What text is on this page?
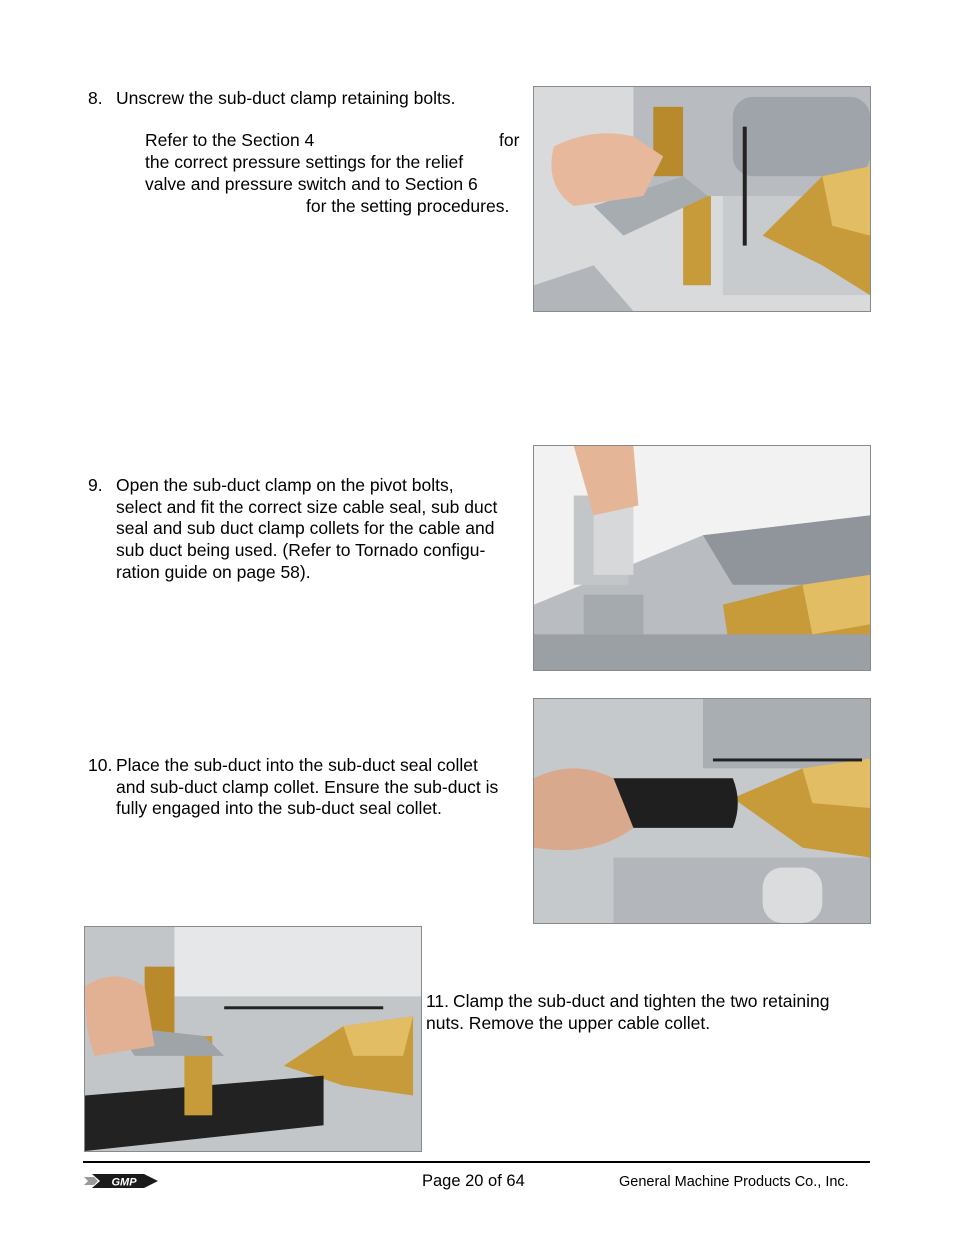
8. Unscrew the sub-duct clamp retaining bolts.
Refer to the Section 4	for
the correct pressure settings for the relief
valve and pressure switch and to Section 6
for the setting procedures.
9. Open the sub-duct clamp on the pivot bolts,
select and fit the correct size cable seal, sub duct
seal and sub duct clamp collets for the cable and
sub duct being used. (Refer to Tornado configu-
ration guide on page 58).
10. Place the sub-duct into the sub-duct seal collet
and sub-duct clamp collet. Ensure the sub-duct is
fully engaged into the sub-duct seal collet.
11. Clamp the sub-duct and tighten the two retaining
nuts. Remove the upper cable collet.
GMP	Page 20 of 64	General Machine Products Co., Inc.
